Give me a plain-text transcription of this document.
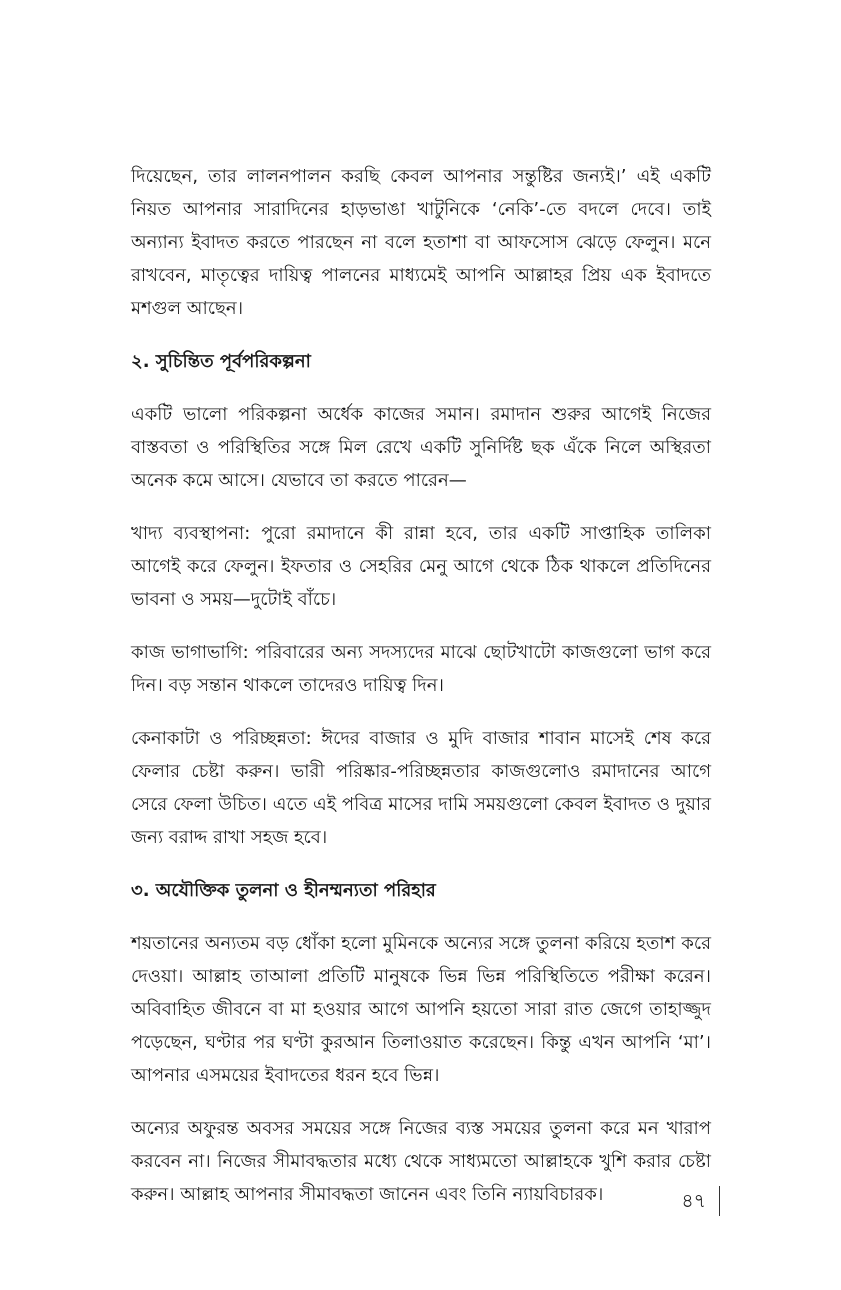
দিয়েছেন, তার লালনপালন করছি কেবল আপনার সন্তুষ্টির জন্যই।’ এই একটি নিয়ত আপনার সারাদিনের হাড়ভাঙা খাটুনিকে ‘নেকি’-তে বদলে দেবে। তাই অন্যান্য ইবাদত করতে পারছেন না বলে হতাশা বা আফসোস ঝেড়ে ফেলুন। মনে রাখবেন, মাতৃত্বের দায়িত্ব পালনের মাধ্যমেই আপনি আল্লাহর প্রিয় এক ইবাদতে মশগুল আছেন।

২. সুচিন্তিত পূর্বপরিকল্পনা

একটি ভালো পরিকল্পনা অর্ধেক কাজের সমান। রমাদান শুরুর আগেই নিজের বাস্তবতা ও পরিস্থিতির সঙ্গে মিল রেখে একটি সুনির্দিষ্ট ছক এঁকে নিলে অস্থিরতা অনেক কমে আসে। যেভাবে তা করতে পারেন—

খাদ্য ব্যবস্থাপনা: পুরো রমাদানে কী রান্না হবে, তার একটি সাপ্তাহিক তালিকা আগেই করে ফেলুন। ইফতার ও সেহরির মেনু আগে থেকে ঠিক থাকলে প্রতিদিনের ভাবনা ও সময়—দুটোই বাঁচে।

কাজ ভাগাভাগি: পরিবারের অন্য সদস্যদের মাঝে ছোটখাটো কাজগুলো ভাগ করে দিন। বড় সন্তান থাকলে তাদেরও দায়িত্ব দিন।

কেনাকাটা ও পরিচ্ছন্নতা: ঈদের বাজার ও মুদি বাজার শাবান মাসেই শেষ করে ফেলার চেষ্টা করুন। ভারী পরিষ্কার-পরিচ্ছন্নতার কাজগুলোও রমাদানের আগে সেরে ফেলা উচিত। এতে এই পবিত্র মাসের দামি সময়গুলো কেবল ইবাদত ও দুয়ার জন্য বরাদ্দ রাখা সহজ হবে।

৩. অযৌক্তিক তুলনা ও হীনম্মন্যতা পরিহার

শয়তানের অন্যতম বড় ধোঁকা হলো মুমিনকে অন্যের সঙ্গে তুলনা করিয়ে হতাশ করে দেওয়া। আল্লাহ তাআলা প্রতিটি মানুষকে ভিন্ন ভিন্ন পরিস্থিতিতে পরীক্ষা করেন। অবিবাহিত জীবনে বা মা হওয়ার আগে আপনি হয়তো সারা রাত জেগে তাহাজ্জুদ পড়েছেন, ঘণ্টার পর ঘণ্টা কুরআন তিলাওয়াত করেছেন। কিন্তু এখন আপনি ‘মা’। আপনার এসময়ের ইবাদতের ধরন হবে ভিন্ন।

অন্যের অফুরন্ত অবসর সময়ের সঙ্গে নিজের ব্যস্ত সময়ের তুলনা করে মন খারাপ করবেন না। নিজের সীমাবদ্ধতার মধ্যে থেকে সাধ্যমতো আল্লাহকে খুশি করার চেষ্টা করুন। আল্লাহ আপনার সীমাবদ্ধতা জানেন এবং তিনি ন্যায়বিচারক।	৪৭
